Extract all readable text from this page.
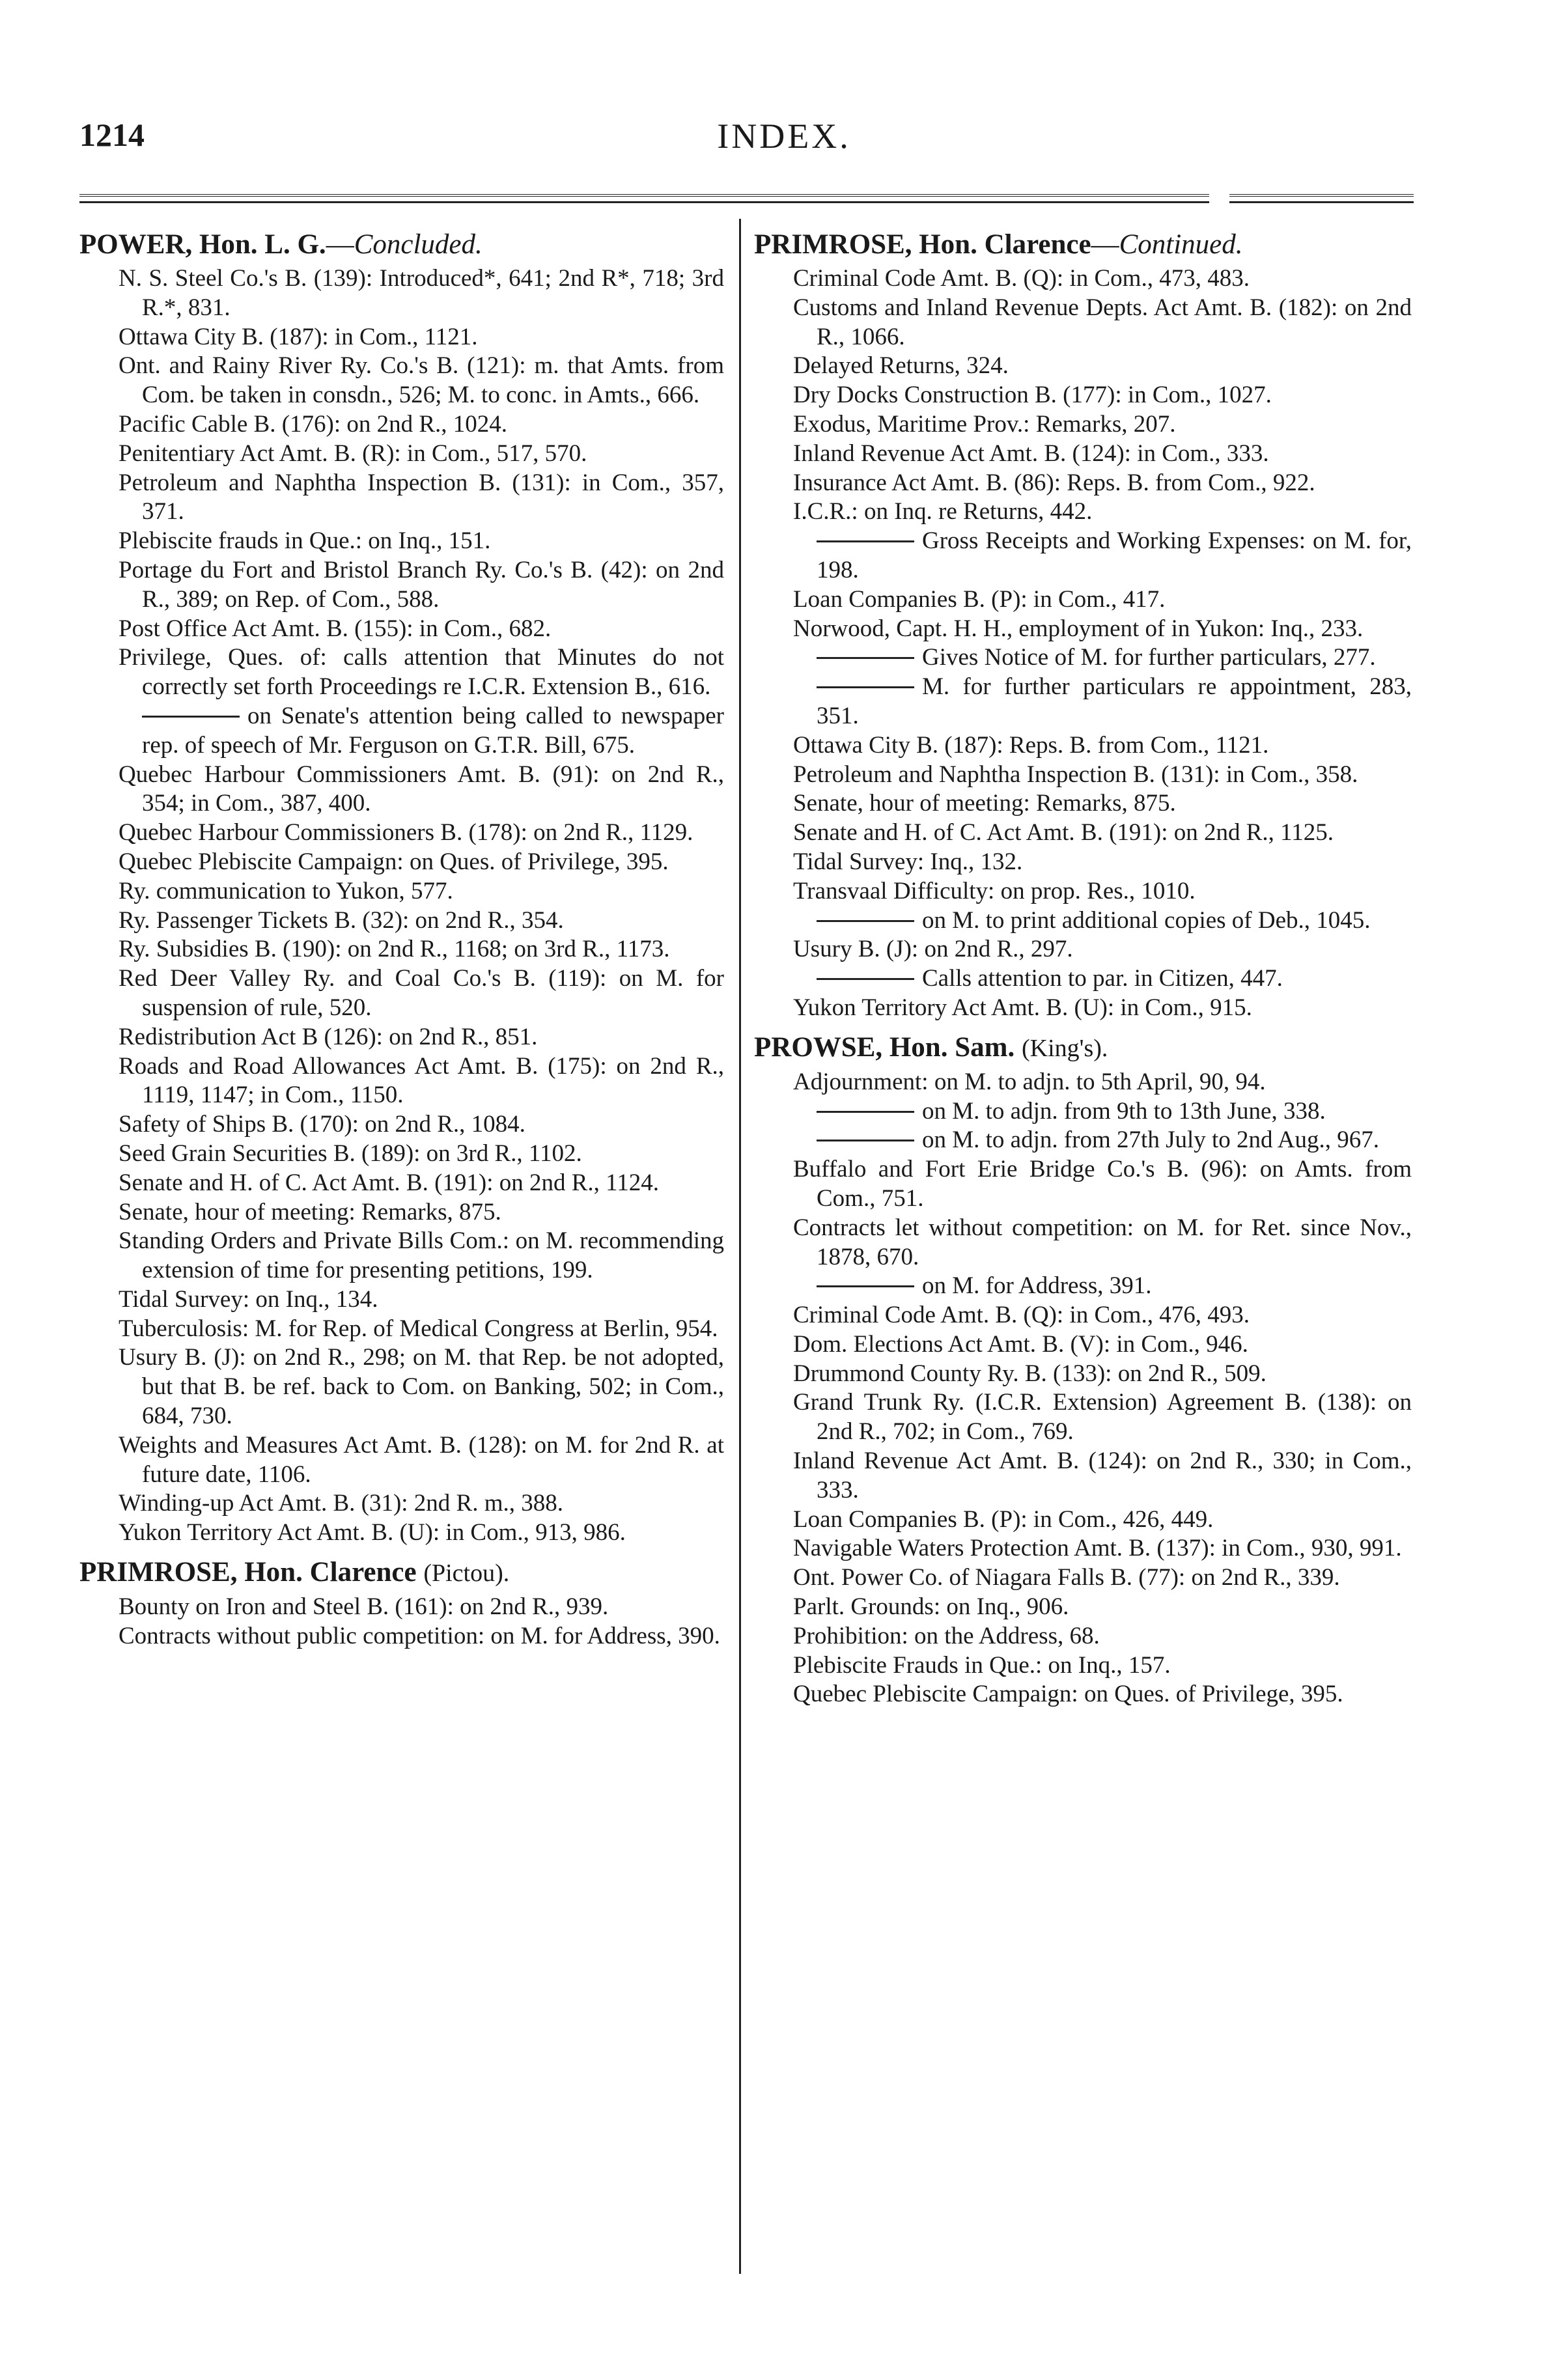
1214	INDEX.
POWER, Hon. L. G.—Concluded.
N. S. Steel Co.'s B. (139): Introduced*, 641; 2nd R*, 718; 3rd R.*, 831.
Ottawa City B. (187): in Com., 1121.
Ont. and Rainy River Ry. Co.'s B. (121): m. that Amts. from Com. be taken in consdn., 526; M. to conc. in Amts., 666.
Pacific Cable B. (176): on 2nd R., 1024.
Penitentiary Act Amt. B. (R): in Com., 517, 570.
Petroleum and Naphtha Inspection B. (131): in Com., 357, 371.
Plebiscite frauds in Que.: on Inq., 151.
Portage du Fort and Bristol Branch Ry. Co.'s B. (42): on 2nd R., 389; on Rep. of Com., 588.
Post Office Act Amt. B. (155): in Com., 682.
Privilege, Ques. of: calls attention that Minutes do not correctly set forth Proceedings re I.C.R. Extension B., 616.
on Senate's attention being called to newspaper rep. of speech of Mr. Ferguson on G.T.R. Bill, 675.
Quebec Harbour Commissioners Amt. B. (91): on 2nd R., 354; in Com., 387, 400.
Quebec Harbour Commissioners B. (178): on 2nd R., 1129.
Quebec Plebiscite Campaign: on Ques. of Privilege, 395.
Ry. communication to Yukon, 577.
Ry. Passenger Tickets B. (32): on 2nd R., 354.
Ry. Subsidies B. (190): on 2nd R., 1168; on 3rd R., 1173.
Red Deer Valley Ry. and Coal Co.'s B. (119): on M. for suspension of rule, 520.
Redistribution Act B (126): on 2nd R., 851.
Roads and Road Allowances Act Amt. B. (175): on 2nd R., 1119, 1147; in Com., 1150.
Safety of Ships B. (170): on 2nd R., 1084.
Seed Grain Securities B. (189): on 3rd R., 1102.
Senate and H. of C. Act Amt. B. (191): on 2nd R., 1124.
Senate, hour of meeting: Remarks, 875.
Standing Orders and Private Bills Com.: on M. recommending extension of time for presenting petitions, 199.
Tidal Survey: on Inq., 134.
Tuberculosis: M. for Rep. of Medical Congress at Berlin, 954.
Usury B. (J): on 2nd R., 298; on M. that Rep. be not adopted, but that B. be ref. back to Com. on Banking, 502; in Com., 684, 730.
Weights and Measures Act Amt. B. (128): on M. for 2nd R. at future date, 1106.
Winding-up Act Amt. B. (31): 2nd R. m., 388.
Yukon Territory Act Amt. B. (U): in Com., 913, 986.
PRIMROSE, Hon. Clarence (Pictou).
Bounty on Iron and Steel B. (161): on 2nd R., 939.
Contracts without public competition: on M. for Address, 390.
PRIMROSE, Hon. Clarence—Continued.
Criminal Code Amt. B. (Q): in Com., 473, 483.
Customs and Inland Revenue Depts. Act Amt. B. (182): on 2nd R., 1066.
Delayed Returns, 324.
Dry Docks Construction B. (177): in Com., 1027.
Exodus, Maritime Prov.: Remarks, 207.
Inland Revenue Act Amt. B. (124): in Com., 333.
Insurance Act Amt. B. (86): Reps. B. from Com., 922.
I.C.R.: on Inq. re Returns, 442.
Gross Receipts and Working Expenses: on M. for, 198.
Loan Companies B. (P): in Com., 417.
Norwood, Capt. H. H., employment of in Yukon: Inq., 233.
Gives Notice of M. for further particulars, 277.
M. for further particulars re appointment, 283, 351.
Ottawa City B. (187): Reps. B. from Com., 1121.
Petroleum and Naphtha Inspection B. (131): in Com., 358.
Senate, hour of meeting: Remarks, 875.
Senate and H. of C. Act Amt. B. (191): on 2nd R., 1125.
Tidal Survey: Inq., 132.
Transvaal Difficulty: on prop. Res., 1010.
on M. to print additional copies of Deb., 1045.
Usury B. (J): on 2nd R., 297.
Calls attention to par. in Citizen, 447.
Yukon Territory Act Amt. B. (U): in Com., 915.
PROWSE, Hon. Sam. (King's).
Adjournment: on M. to adjn. to 5th April, 90, 94.
on M. to adjn. from 9th to 13th June, 338.
on M. to adjn. from 27th July to 2nd Aug., 967.
Buffalo and Fort Erie Bridge Co.'s B. (96): on Amts. from Com., 751.
Contracts let without competition: on M. for Ret. since Nov., 1878, 670.
on M. for Address, 391.
Criminal Code Amt. B. (Q): in Com., 476, 493.
Dom. Elections Act Amt. B. (V): in Com., 946.
Drummond County Ry. B. (133): on 2nd R., 509.
Grand Trunk Ry. (I.C.R. Extension) Agreement B. (138): on 2nd R., 702; in Com., 769.
Inland Revenue Act Amt. B. (124): on 2nd R., 330; in Com., 333.
Loan Companies B. (P): in Com., 426, 449.
Navigable Waters Protection Amt. B. (137): in Com., 930, 991.
Ont. Power Co. of Niagara Falls B. (77): on 2nd R., 339.
Parlt. Grounds: on Inq., 906.
Prohibition: on the Address, 68.
Plebiscite Frauds in Que.: on Inq., 157.
Quebec Plebiscite Campaign: on Ques. of Privilege, 395.
